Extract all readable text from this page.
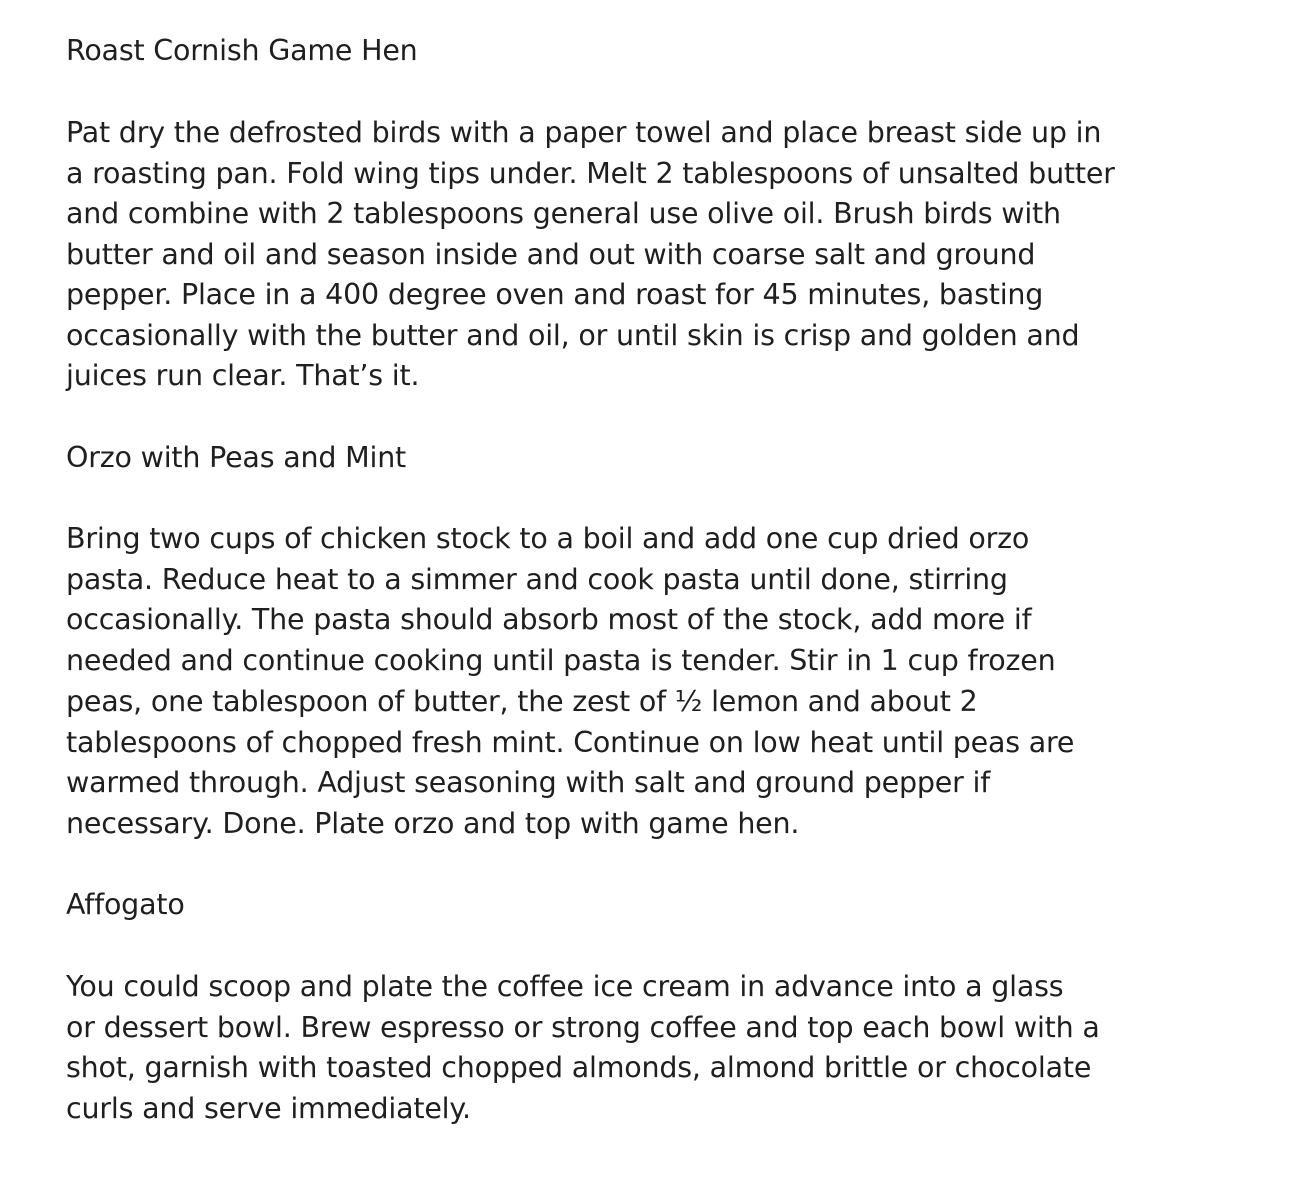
Roast Cornish Game Hen
Pat dry the defrosted birds with a paper towel and place breast side up in
a roasting pan. Fold wing tips under. Melt 2 tablespoons of unsalted butter
and combine with 2 tablespoons general use olive oil. Brush birds with
butter and oil and season inside and out with coarse salt and ground
pepper. Place in a 400 degree oven and roast for 45 minutes, basting
occasionally with the butter and oil, or until skin is crisp and golden and
juices run clear. That’s it.
Orzo with Peas and Mint
Bring two cups of chicken stock to a boil and add one cup dried orzo
pasta. Reduce heat to a simmer and cook pasta until done, stirring
occasionally. The pasta should absorb most of the stock, add more if
needed and continue cooking until pasta is tender. Stir in 1 cup frozen
peas, one tablespoon of butter, the zest of ½ lemon and about 2
tablespoons of chopped fresh mint. Continue on low heat until peas are
warmed through. Adjust seasoning with salt and ground pepper if
necessary. Done. Plate orzo and top with game hen.
Affogato
You could scoop and plate the coffee ice cream in advance into a glass
or dessert bowl. Brew espresso or strong coffee and top each bowl with a
shot, garnish with toasted chopped almonds, almond brittle or chocolate
curls and serve immediately.
